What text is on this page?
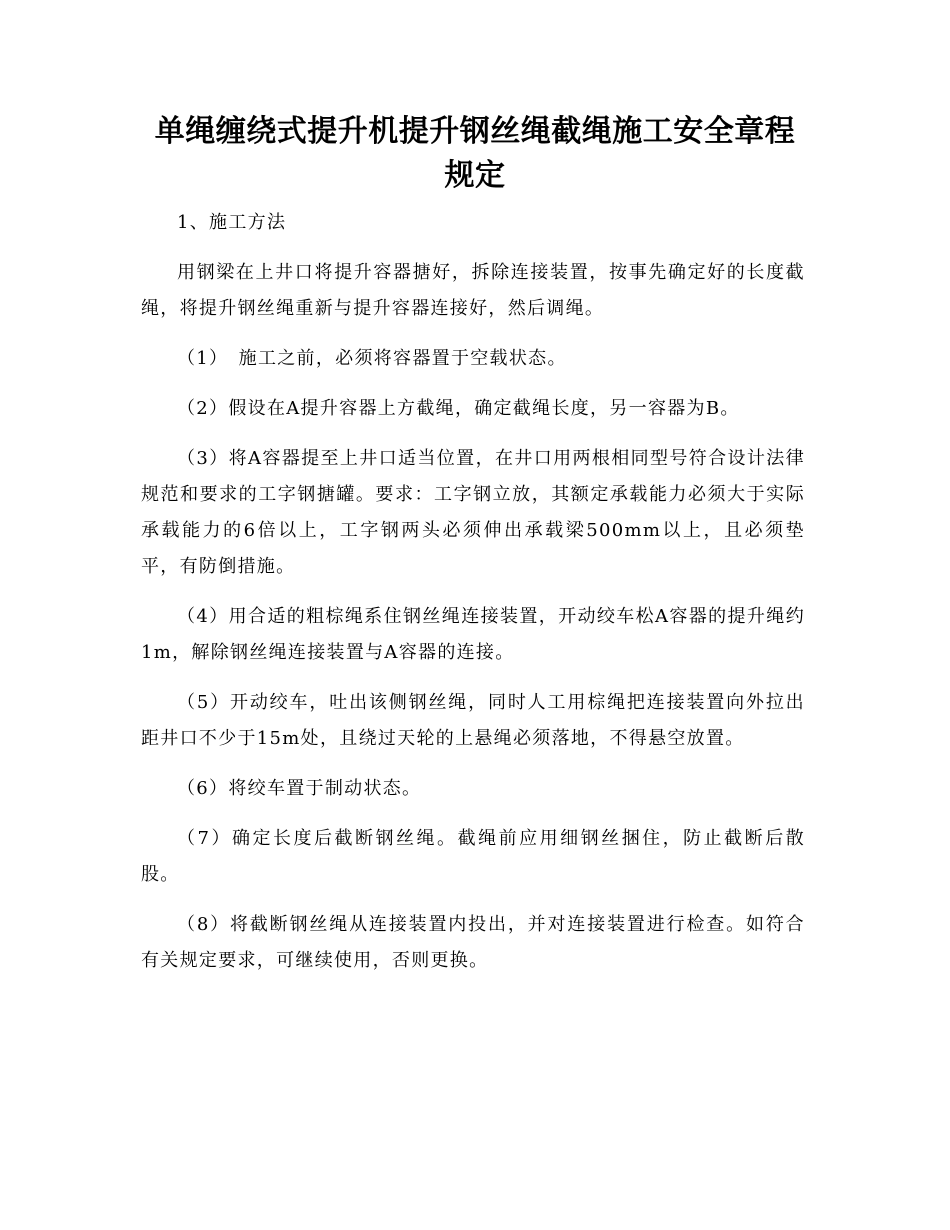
单绳缠绕式提升机提升钢丝绳截绳施工安全章程规定

1、施工方法

用钢梁在上井口将提升容器搪好，拆除连接装置，按事先确定好的长度截绳，将提升钢丝绳重新与提升容器连接好，然后调绳。

（1）　施工之前，必须将容器置于空载状态。

（2）假设在A提升容器上方截绳，确定截绳长度，另一容器为B。

（3）将A容器提至上井口适当位置，在井口用两根相同型号符合设计法律规范和要求的工字钢搪罐。要求：工字钢立放，其额定承载能力必须大于实际承载能力的6倍以上，工字钢两头必须伸出承载梁500mm以上，且必须垫平，有防倒措施。

（4）用合适的粗棕绳系住钢丝绳连接装置，开动绞车松A容器的提升绳约1m，解除钢丝绳连接装置与A容器的连接。

（5）开动绞车，吐出该侧钢丝绳，同时人工用棕绳把连接装置向外拉出距井口不少于15m处，且绕过天轮的上悬绳必须落地，不得悬空放置。

（6）将绞车置于制动状态。

（7）确定长度后截断钢丝绳。截绳前应用细钢丝捆住，防止截断后散股。

（8）将截断钢丝绳从连接装置内投出，并对连接装置进行检查。如符合有关规定要求，可继续使用，否则更换。
